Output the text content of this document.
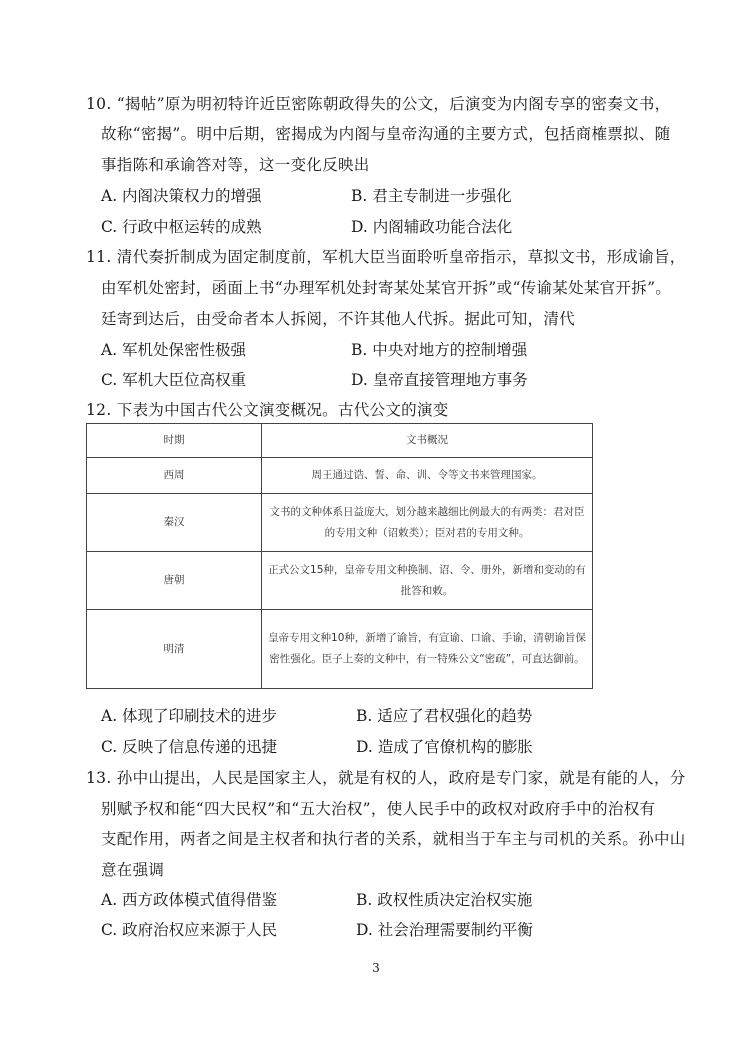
10. “揭帖”原为明初特许近臣密陈朝政得失的公文，后演变为内阁专享的密奏文书，
故称“密揭”。明中后期，密揭成为内阁与皇帝沟通的主要方式，包括商榷票拟、随
事指陈和承谕答对等，这一变化反映出
A. 内阁决策权力的增强	B. 君主专制进一步强化
C. 行政中枢运转的成熟	D. 内阁辅政功能合法化
11. 清代奏折制成为固定制度前，军机大臣当面聆听皇帝指示，草拟文书，形成谕旨，
由军机处密封，函面上书“办理军机处封寄某处某官开拆”或“传谕某处某官开拆”。
廷寄到达后，由受命者本人拆阅，不许其他人代拆。据此可知，清代
A. 军机处保密性极强	B. 中央对地方的控制增强
C. 军机大臣位高权重	D. 皇帝直接管理地方事务
12. 下表为中国古代公文演变概况。古代公文的演变
时期	文书概况
西周	周王通过诰、誓、命、训、令等文书来管理国家。
秦汉	文书的文种体系日益庞大，划分越来越细比例最大的有两类：君对臣的专用文种（诏敕类）；臣对君的专用文种。
唐朝	正式公文15种，皇帝专用文种换制、诏、令、册外，新增和变动的有批答和敕。
明清	皇帝专用文种10种，新增了谕旨，有宣谕、口谕、手谕，清朝谕旨保密性强化。臣子上奏的文种中，有一特殊公文“密疏”，可直达御前。
A. 体现了印刷技术的进步	B. 适应了君权强化的趋势
C. 反映了信息传递的迅捷	D. 造成了官僚机构的膨胀
13. 孙中山提出，人民是国家主人，就是有权的人，政府是专门家，就是有能的人，分
别赋予权和能“四大民权”和“五大治权”，使人民手中的政权对政府手中的治权有
支配作用，两者之间是主权者和执行者的关系，就相当于车主与司机的关系。孙中山
意在强调
A. 西方政体模式值得借鉴	B. 政权性质决定治权实施
C. 政府治权应来源于人民	D. 社会治理需要制约平衡
3
